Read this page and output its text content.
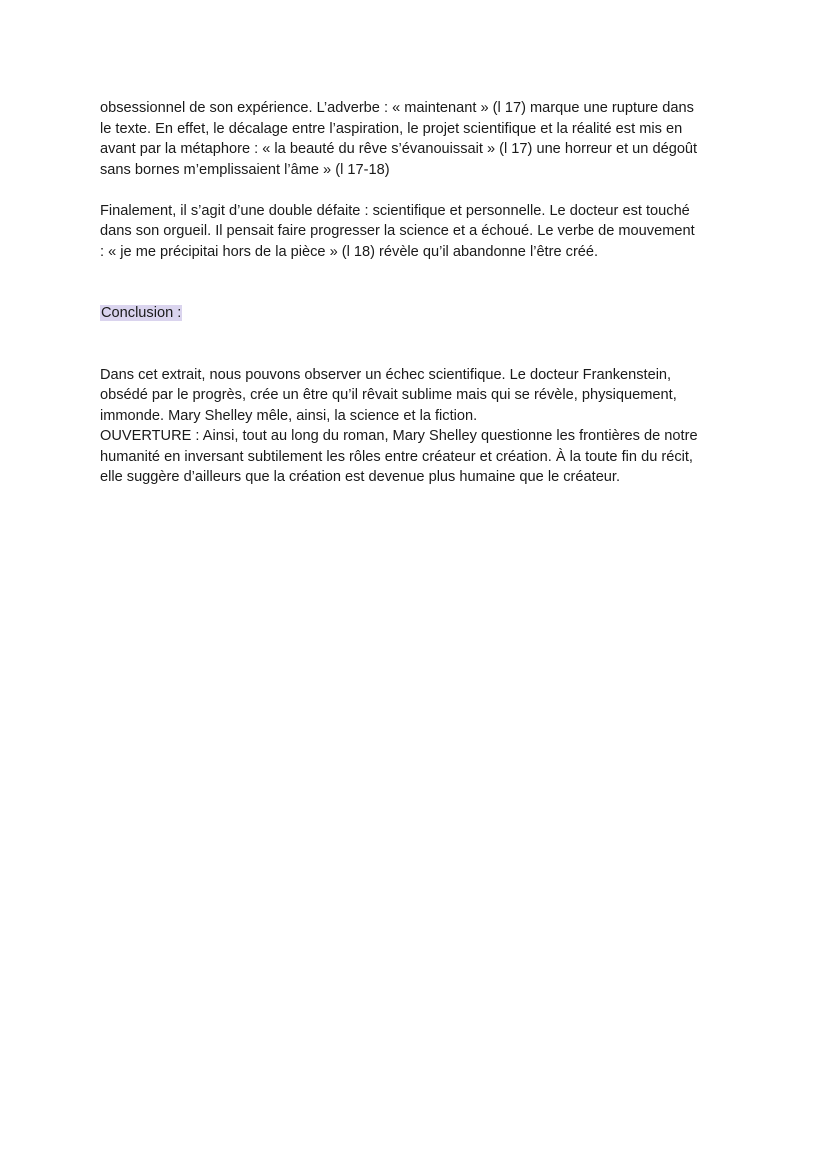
obsessionnel de son expérience. L’adverbe : « maintenant » (l 17) marque une rupture dans
le texte. En effet, le décalage entre l’aspiration, le projet scientifique et la réalité est mis en
avant par la métaphore : « la beauté du rêve s’évanouissait » (l 17) une horreur et un dégoût
sans bornes m’emplissaient l’âme » (l 17-18)
Finalement, il s’agit d’une double défaite : scientifique et personnelle. Le docteur est touché
dans son orgueil. Il pensait faire progresser la science et a échoué. Le verbe de mouvement
: « je me précipitai hors de la pièce » (l 18) révèle qu’il abandonne l’être créé.
Conclusion :
Dans cet extrait, nous pouvons observer un échec scientifique. Le docteur Frankenstein,
obsédé par le progrès, crée un être qu’il rêvait sublime mais qui se révèle, physiquement,
immonde. Mary Shelley mêle, ainsi, la science et la fiction.
OUVERTURE : Ainsi, tout au long du roman, Mary Shelley questionne les frontières de notre
humanité en inversant subtilement les rôles entre créateur et création. À la toute fin du récit,
elle suggère d’ailleurs que la création est devenue plus humaine que le créateur.
